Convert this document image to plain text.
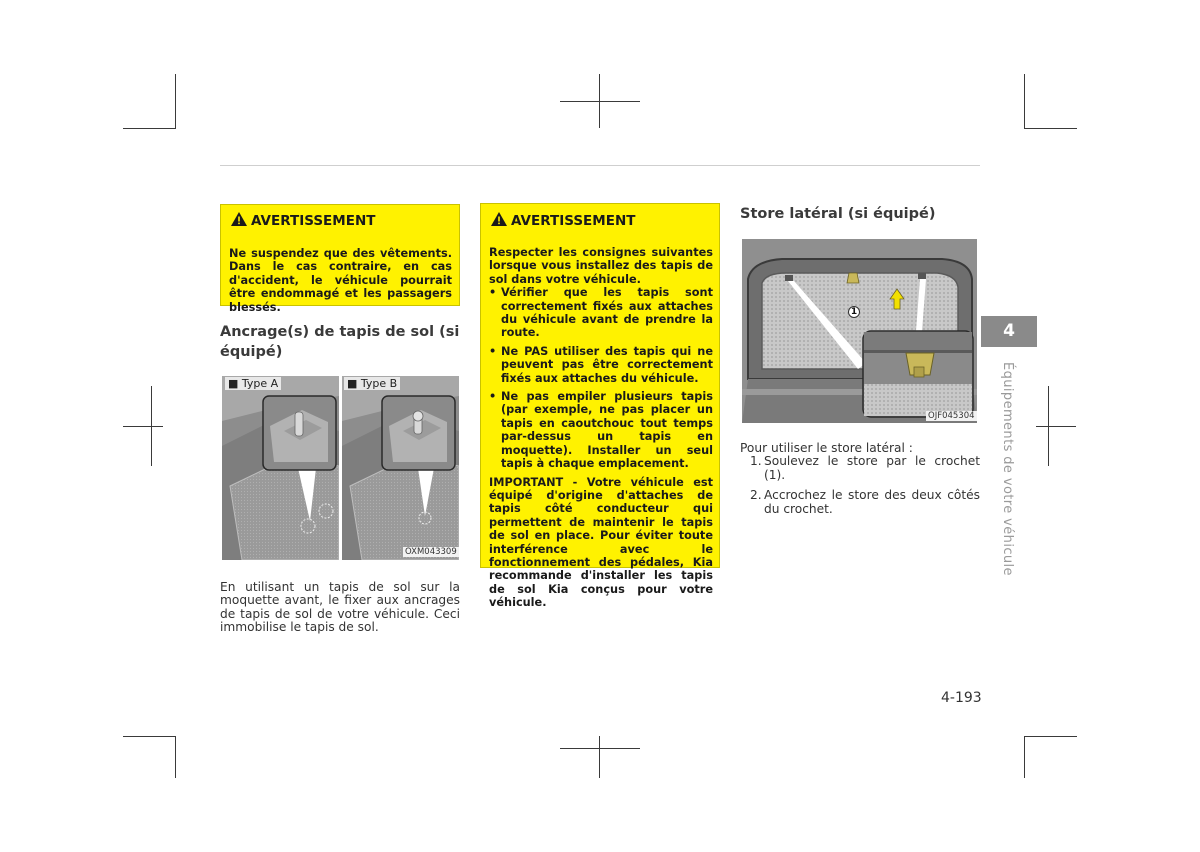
AVERTISSEMENT

Ne suspendez que des vêtements. Dans le cas contraire, en cas d'accident, le véhicule pourrait être endommagé et les passagers blessés.

Ancrage(s) de tapis de sol (si équipé)
■ Type A	■ Type B
OXM043309

En utilisant un tapis de sol sur la moquette avant, le fixer aux ancrages de tapis de sol de votre véhicule. Ceci immobilise le tapis de sol.

AVERTISSEMENT

Respecter les consignes suivantes lorsque vous installez des tapis de sol dans votre véhicule.

• Vérifier que les tapis sont correctement fixés aux attaches du véhicule avant de prendre la route.

• Ne PAS utiliser des tapis qui ne peuvent pas être correctement fixés aux attaches du véhicule.

• Ne pas empiler plusieurs tapis (par exemple, ne pas placer un tapis en caoutchouc tout temps par-dessus un tapis en moquette). Installer un seul tapis à chaque emplacement.

IMPORTANT - Votre véhicule est équipé d'origine d'attaches de tapis côté conducteur qui permettent de maintenir le tapis de sol en place. Pour éviter toute interférence avec le fonctionnement des pédales, Kia recommande d'installer les tapis de sol Kia conçus pour votre véhicule.

Store latéral (si équipé)
1
OJF045304

Pour utiliser le store latéral :

1. Soulevez le store par le crochet (1).

2. Accrochez le store des deux côtés du crochet.

4
Équipements de votre véhicule
4-193
